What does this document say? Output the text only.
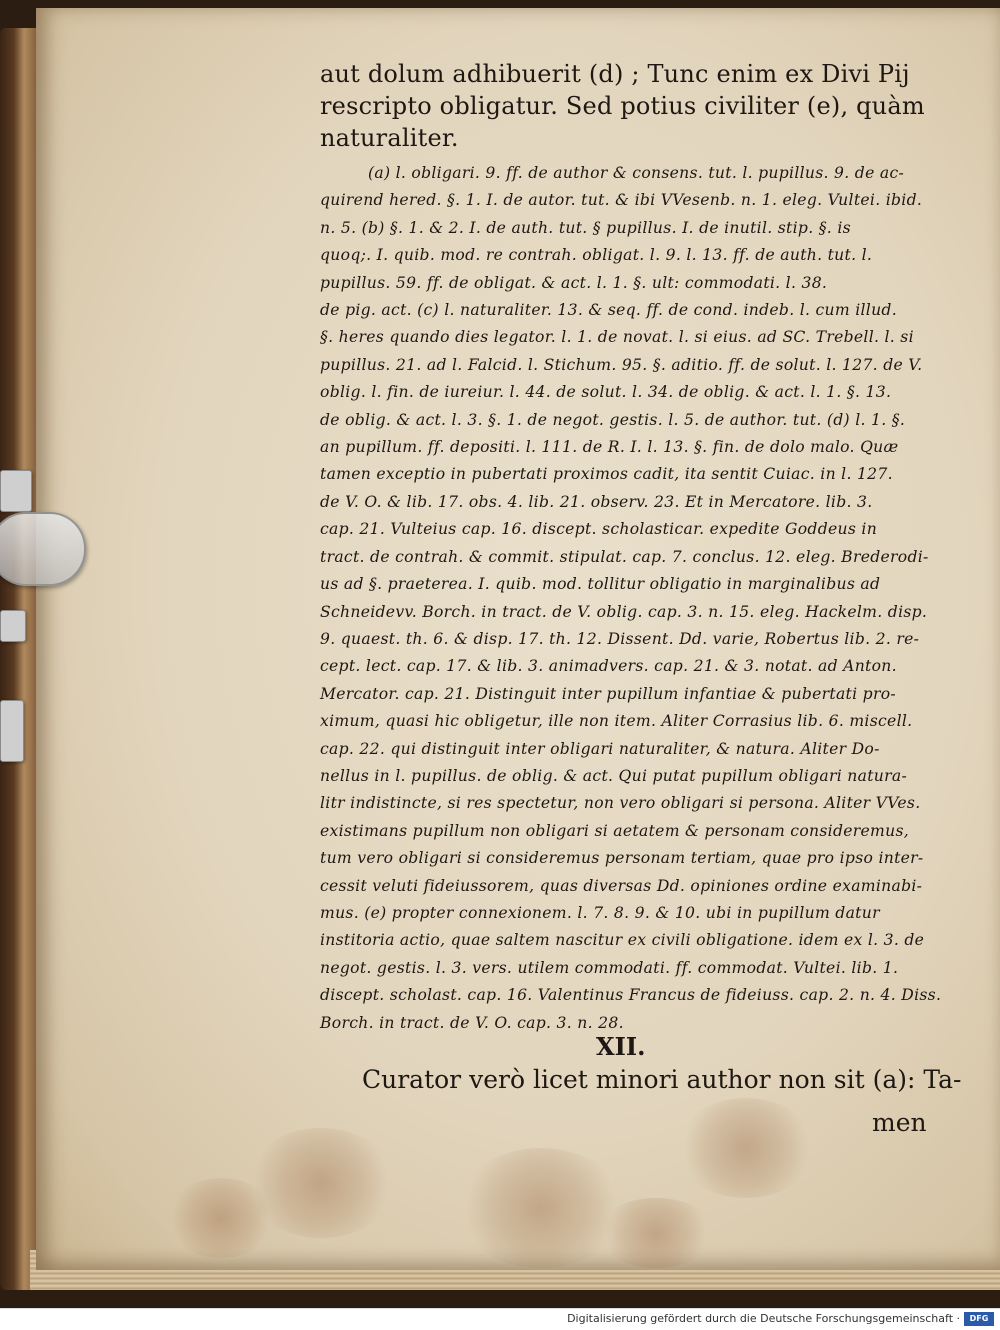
aut dolum adhibuerit (d) ; Tunc enim ex Divi Pij
rescripto obligatur. Sed potius civiliter (e), quàm
naturaliter.
(a) l. obligari. 9. ff. de author & consens. tut. l. pupillus. 9. de ac-
quirend hered. §. 1. I. de autor. tut. & ibi VVesenb. n. 1. eleg. Vultei. ibid.
n. 5. (b) §. 1. & 2. I. de auth. tut. § pupillus. I. de inutil. stip. §. is
quoq;. I. quib. mod. re contrah. obligat. l. 9. l. 13. ff. de auth. tut. l.
pupillus. 59. ff. de obligat. & act. l. 1. §. ult: commodati. l. 38.
de pig. act. (c) l. naturaliter. 13. & seq. ff. de cond. indeb. l. cum illud.
§. heres quando dies legator. l. 1. de novat. l. si eius. ad SC. Trebell. l. si
pupillus. 21. ad l. Falcid. l. Stichum. 95. §. aditio. ff. de solut. l. 127. de V.
oblig. l. fin. de iureiur. l. 44. de solut. l. 34. de oblig. & act. l. 1. §. 13.
de oblig. & act. l. 3. §. 1. de negot. gestis. l. 5. de author. tut. (d) l. 1. §.
an pupillum. ff. depositi. l. 111. de R. I. l. 13. §. fin. de dolo malo. Quæ
tamen exceptio in pubertati proximos cadit, ita sentit Cuiac. in l. 127.
de V. O. & lib. 17. obs. 4. lib. 21. observ. 23. Et in Mercatore. lib. 3.
cap. 21. Vulteius cap. 16. discept. scholasticar. expedite Goddeus in
tract. de contrah. & commit. stipulat. cap. 7. conclus. 12. eleg. Brederodi-
us ad §. praeterea. I. quib. mod. tollitur obligatio in marginalibus ad
Schneidevv. Borch. in tract. de V. oblig. cap. 3. n. 15. eleg. Hackelm. disp.
9. quaest. th. 6. & disp. 17. th. 12. Dissent. Dd. varie, Robertus lib. 2. re-
cept. lect. cap. 17. & lib. 3. animadvers. cap. 21. & 3. notat. ad Anton.
Mercator. cap. 21. Distinguit inter pupillum infantiae & pubertati pro-
ximum, quasi hic obligetur, ille non item. Aliter Corrasius lib. 6. miscell.
cap. 22. qui distinguit inter obligari naturaliter, & natura. Aliter Do-
nellus in l. pupillus. de oblig. & act. Qui putat pupillum obligari natura-
litr indistincte, si res spectetur, non vero obligari si persona. Aliter VVes.
existimans pupillum non obligari si aetatem & personam consideremus,
tum vero obligari si consideremus personam tertiam, quae pro ipso inter-
cessit veluti fideiussorem, quas diversas Dd. opiniones ordine examinabi-
mus. (e) propter connexionem. l. 7. 8. 9. & 10. ubi in pupillum datur
institoria actio, quae saltem nascitur ex civili obligatione. idem ex l. 3. de
negot. gestis. l. 3. vers. utilem commodati. ff. commodat. Vultei. lib. 1.
discept. scholast. cap. 16. Valentinus Francus de fideiuss. cap. 2. n. 4. Diss.
Borch. in tract. de V. O. cap. 3. n. 28.
XII.
Curator verò licet minori author non sit (a): Ta-
men
Digitalisierung gefördert durch die Deutsche Forschungsgemeinschaft ·	DFG
